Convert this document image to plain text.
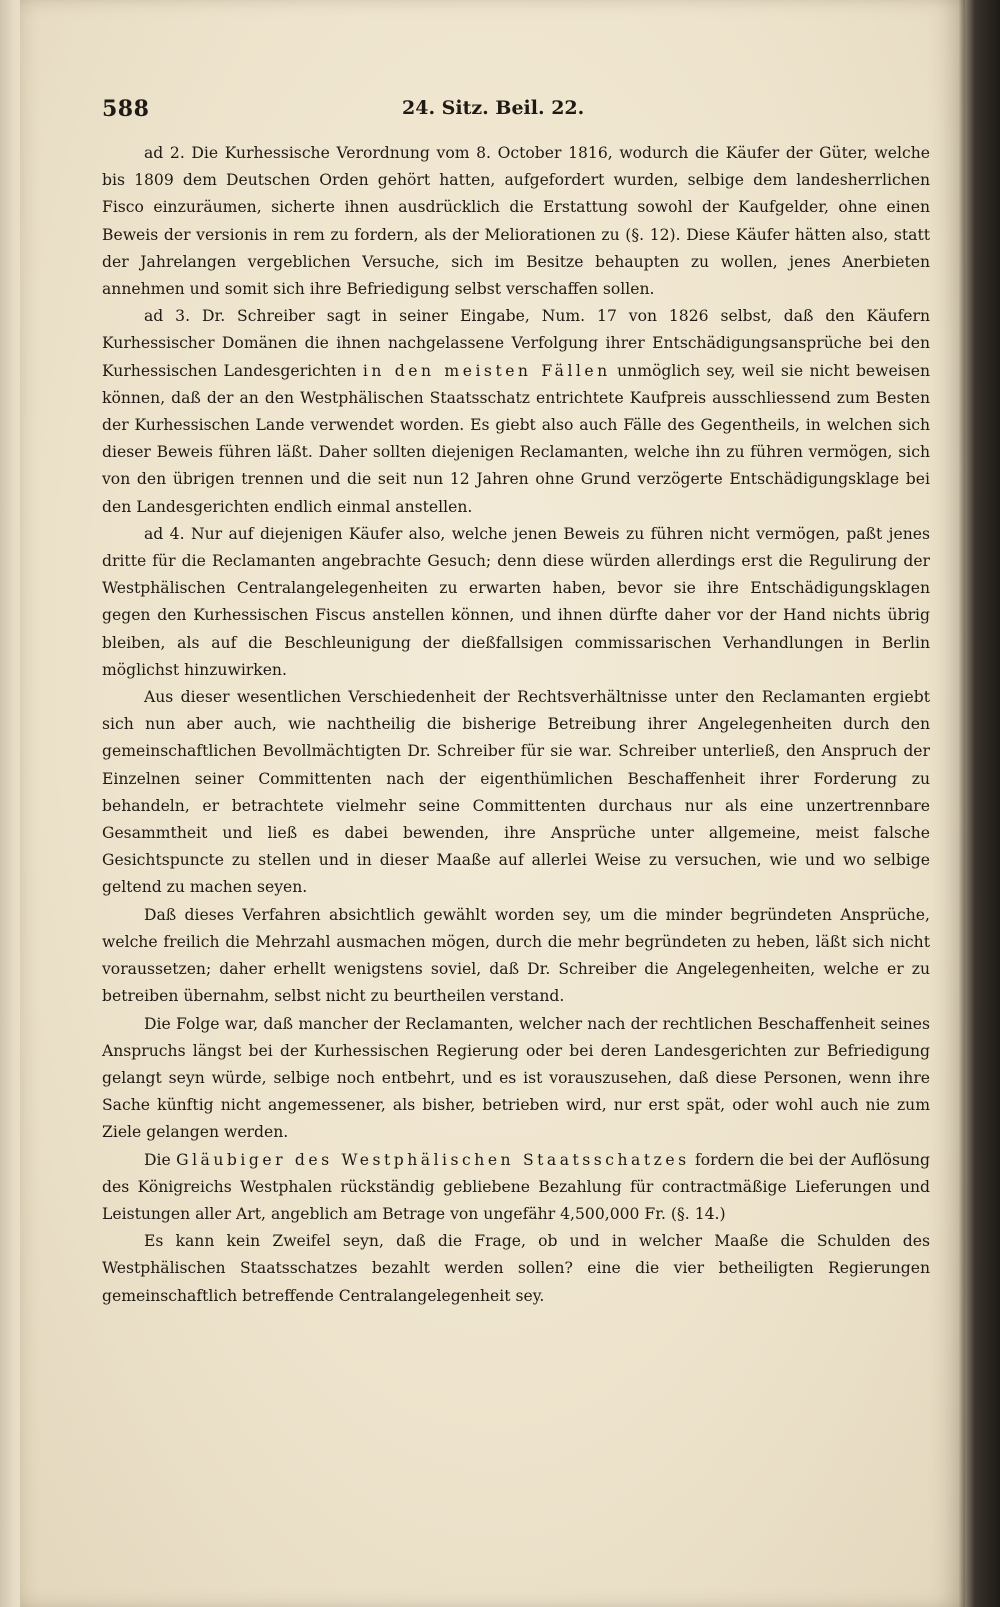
588	24. Sitz. Beil. 22.

ad 2. Die Kurhessische Verordnung vom 8. October 1816, wodurch die Käufer der Güter, welche bis 1809 dem Deutschen Orden gehört hatten, aufgefordert wurden, selbige dem landesherrlichen Fisco einzuräumen, sicherte ihnen ausdrücklich die Erstattung sowohl der Kaufgelder, ohne einen Beweis der versionis in rem zu fordern, als der Meliorationen zu (§. 12). Diese Käufer hätten also, statt der Jahrelangen vergeblichen Versuche, sich im Besitze behaupten zu wollen, jenes Anerbieten annehmen und somit sich ihre Befriedigung selbst verschaffen sollen.

ad 3. Dr. Schreiber sagt in seiner Eingabe, Num. 17 von 1826 selbst, daß den Käufern Kurhessischer Domänen die ihnen nachgelassene Verfolgung ihrer Entschädigungsansprüche bei den Kurhessischen Landesgerichten in den meisten Fällen unmöglich sey, weil sie nicht beweisen können, daß der an den Westphälischen Staatsschatz entrichtete Kaufpreis ausschliessend zum Besten der Kurhessischen Lande verwendet worden. Es giebt also auch Fälle des Gegentheils, in welchen sich dieser Beweis führen läßt. Daher sollten diejenigen Reclamanten, welche ihn zu führen vermögen, sich von den übrigen trennen und die seit nun 12 Jahren ohne Grund verzögerte Entschädigungsklage bei den Landesgerichten endlich einmal anstellen.

ad 4. Nur auf diejenigen Käufer also, welche jenen Beweis zu führen nicht vermögen, paßt jenes dritte für die Reclamanten angebrachte Gesuch; denn diese würden allerdings erst die Regulirung der Westphälischen Centralangelegenheiten zu erwarten haben, bevor sie ihre Entschädigungsklagen gegen den Kurhessischen Fiscus anstellen können, und ihnen dürfte daher vor der Hand nichts übrig bleiben, als auf die Beschleunigung der dießfallsigen commissarischen Verhandlungen in Berlin möglichst hinzuwirken.

Aus dieser wesentlichen Verschiedenheit der Rechtsverhältnisse unter den Reclamanten ergiebt sich nun aber auch, wie nachtheilig die bisherige Betreibung ihrer Angelegenheiten durch den gemeinschaftlichen Bevollmächtigten Dr. Schreiber für sie war. Schreiber unterließ, den Anspruch der Einzelnen seiner Committenten nach der eigenthümlichen Beschaffenheit ihrer Forderung zu behandeln, er betrachtete vielmehr seine Committenten durchaus nur als eine unzertrennbare Gesammtheit und ließ es dabei bewenden, ihre Ansprüche unter allgemeine, meist falsche Gesichtspuncte zu stellen und in dieser Maaße auf allerlei Weise zu versuchen, wie und wo selbige geltend zu machen seyen.

Daß dieses Verfahren absichtlich gewählt worden sey, um die minder begründeten Ansprüche, welche freilich die Mehrzahl ausmachen mögen, durch die mehr begründeten zu heben, läßt sich nicht voraussetzen; daher erhellt wenigstens soviel, daß Dr. Schreiber die Angelegenheiten, welche er zu betreiben übernahm, selbst nicht zu beurtheilen verstand.

Die Folge war, daß mancher der Reclamanten, welcher nach der rechtlichen Beschaffenheit seines Anspruchs längst bei der Kurhessischen Regierung oder bei deren Landesgerichten zur Befriedigung gelangt seyn würde, selbige noch entbehrt, und es ist vorauszusehen, daß diese Personen, wenn ihre Sache künftig nicht angemessener, als bisher, betrieben wird, nur erst spät, oder wohl auch nie zum Ziele gelangen werden.

Die Gläubiger des Westphälischen Staatsschatzes fordern die bei der Auflösung des Königreichs Westphalen rückständig gebliebene Bezahlung für contractmäßige Lieferungen und Leistungen aller Art, angeblich am Betrage von ungefähr 4,500,000 Fr. (§. 14.)

Es kann kein Zweifel seyn, daß die Frage, ob und in welcher Maaße die Schulden des Westphälischen Staatsschatzes bezahlt werden sollen? eine die vier betheiligten Regierungen gemeinschaftlich betreffende Centralangelegenheit sey.
